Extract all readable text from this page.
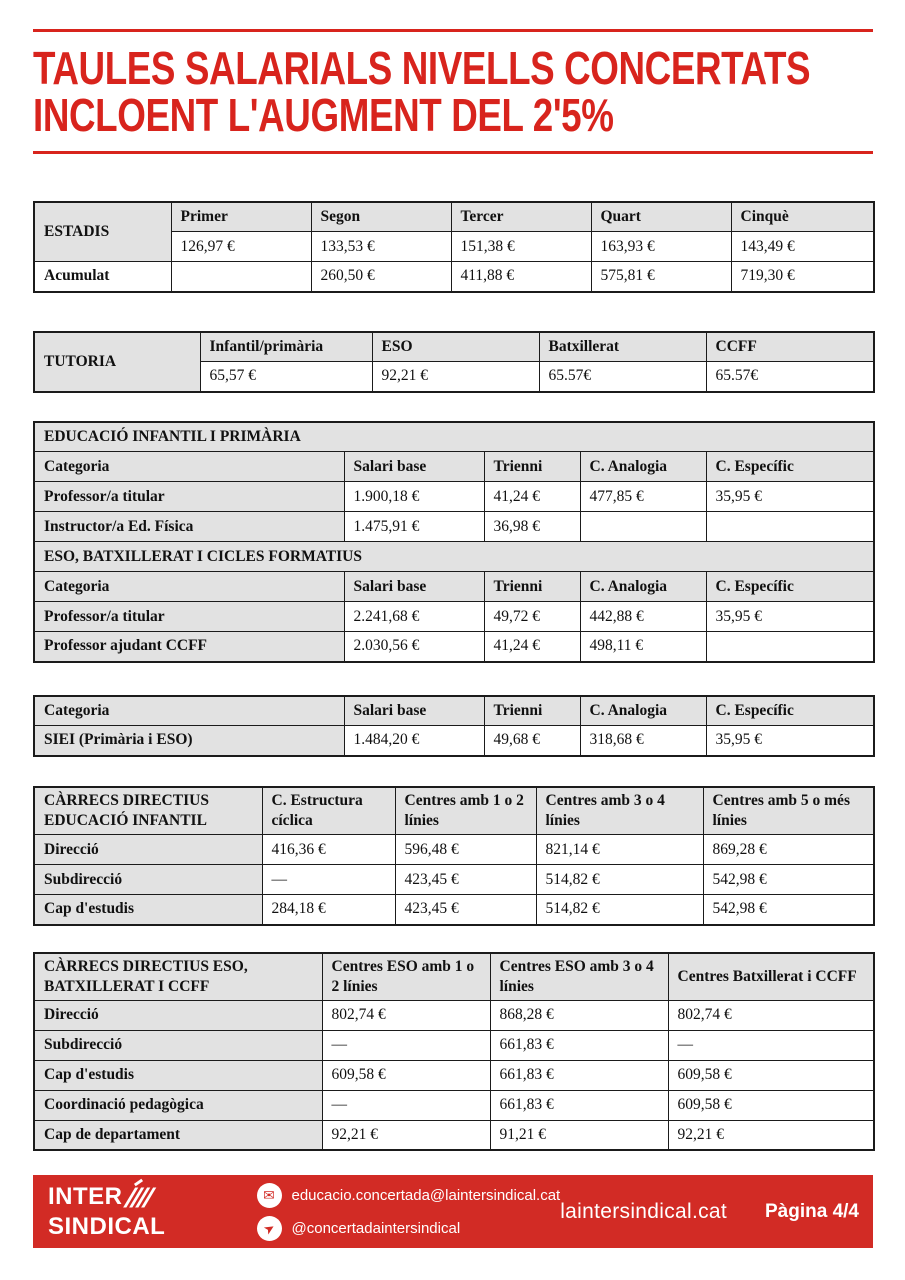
TAULES SALARIALS NIVELLS CONCERTATS
INCLOENT L'AUGMENT DEL 2'5%
ESTADIS	Primer	Segon	Tercer	Quart	Cinquè
	126,97 €	133,53 €	151,38 €	163,93 €	143,49 €
Acumulat		260,50 €	411,88 €	575,81 €	719,30 €
TUTORIA	Infantil/primària	ESO	Batxillerat	CCFF
	65,57 €	92,21 €	65.57€	65.57€
EDUCACIÓ INFANTIL I PRIMÀRIA				
Categoria	Salari base	Trienni	C. Analogia	C. Específic
Professor/a titular	1.900,18 €	41,24 €	477,85 €	35,95 €
Instructor/a Ed. Física	1.475,91 €	36,98 €		
ESO, BATXILLERAT I CICLES FORMATIUS				
Categoria	Salari base	Trienni	C. Analogia	C. Específic
Professor/a titular	2.241,68 €	49,72 €	442,88 €	35,95 €
Professor ajudant CCFF	2.030,56 €	41,24 €	498,11 €	
Categoria	Salari base	Trienni	C. Analogia	C. Específic
SIEI (Primària i ESO)	1.484,20 €	49,68 €	318,68 €	35,95 €
CÀRRECS DIRECTIUS EDUCACIÓ INFANTIL	C. Estructura cíclica	Centres amb 1 o 2 línies	Centres amb 3 o 4 línies	Centres amb 5 o més línies
Direcció	416,36 €	596,48 €	821,14 €	869,28 €
Subdirecció	—	423,45 €	514,82 €	542,98 €
Cap d'estudis	284,18 €	423,45 €	514,82 €	542,98 €
CÀRRECS DIRECTIUS ESO, BATXILLERAT I CCFF	Centres ESO amb 1 o 2 línies	Centres ESO amb 3 o 4 línies	Centres Batxillerat i CCFF
Direcció	802,74 €	868,28 €	802,74 €
Subdirecció	—	661,83 €	—
Cap d'estudis	609,58 €	661,83 €	609,58 €
Coordinació pedagògica	—	661,83 €	609,58 €
Cap de departament	92,21 €	91,21 €	92,21 €
INTER ////
SINDICAL
✉ educacio.concertada@laintersindical.cat
➤ @concertadaintersindical
laintersindical.cat Pàgina 4/4
